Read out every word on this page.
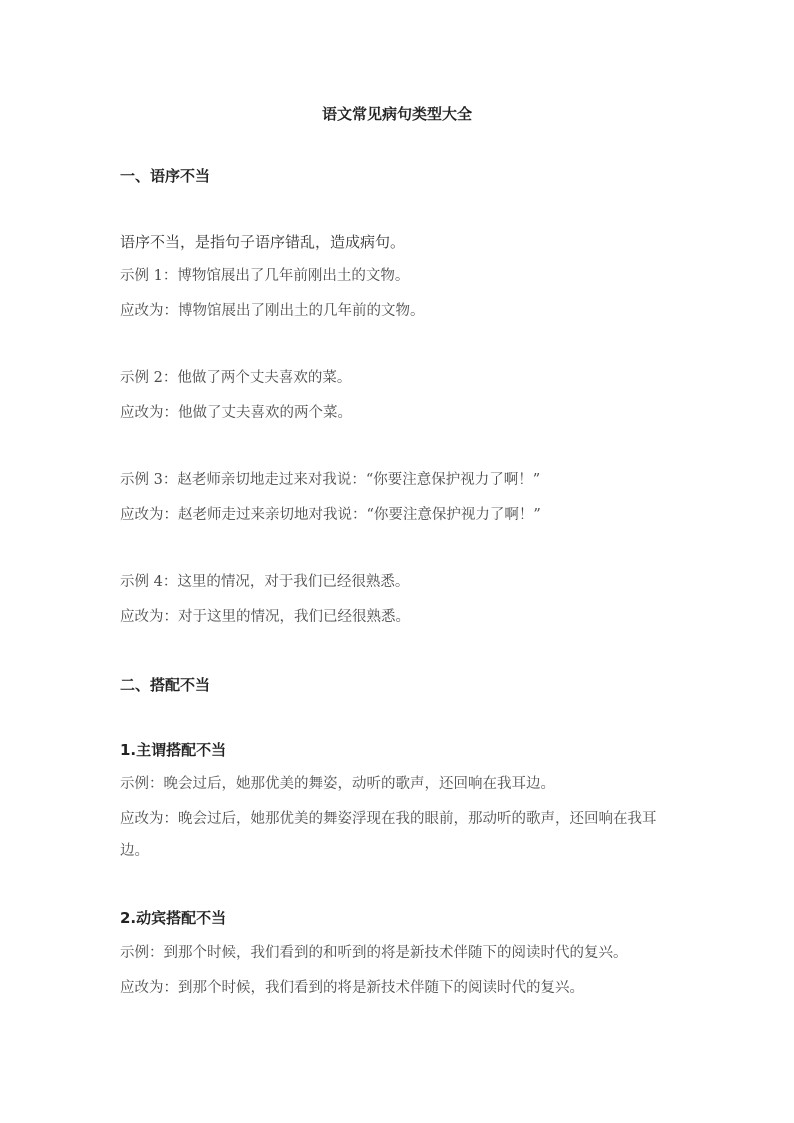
语文常见病句类型大全
一、语序不当
语序不当，是指句子语序错乱，造成病句。
示例 1：博物馆展出了几年前刚出土的文物。
应改为：博物馆展出了刚出土的几年前的文物。
示例 2：他做了两个丈夫喜欢的菜。
应改为：他做了丈夫喜欢的两个菜。
示例 3：赵老师亲切地走过来对我说：“你要注意保护视力了啊！”
应改为：赵老师走过来亲切地对我说：“你要注意保护视力了啊！”
示例 4：这里的情况，对于我们已经很熟悉。
应改为：对于这里的情况，我们已经很熟悉。
二、搭配不当
1.主谓搭配不当
示例：晚会过后，她那优美的舞姿，动听的歌声，还回响在我耳边。
应改为：晚会过后，她那优美的舞姿浮现在我的眼前，那动听的歌声，还回响在我耳边。
2.动宾搭配不当
示例：到那个时候，我们看到的和听到的将是新技术伴随下的阅读时代的复兴。
应改为：到那个时候，我们看到的将是新技术伴随下的阅读时代的复兴。
